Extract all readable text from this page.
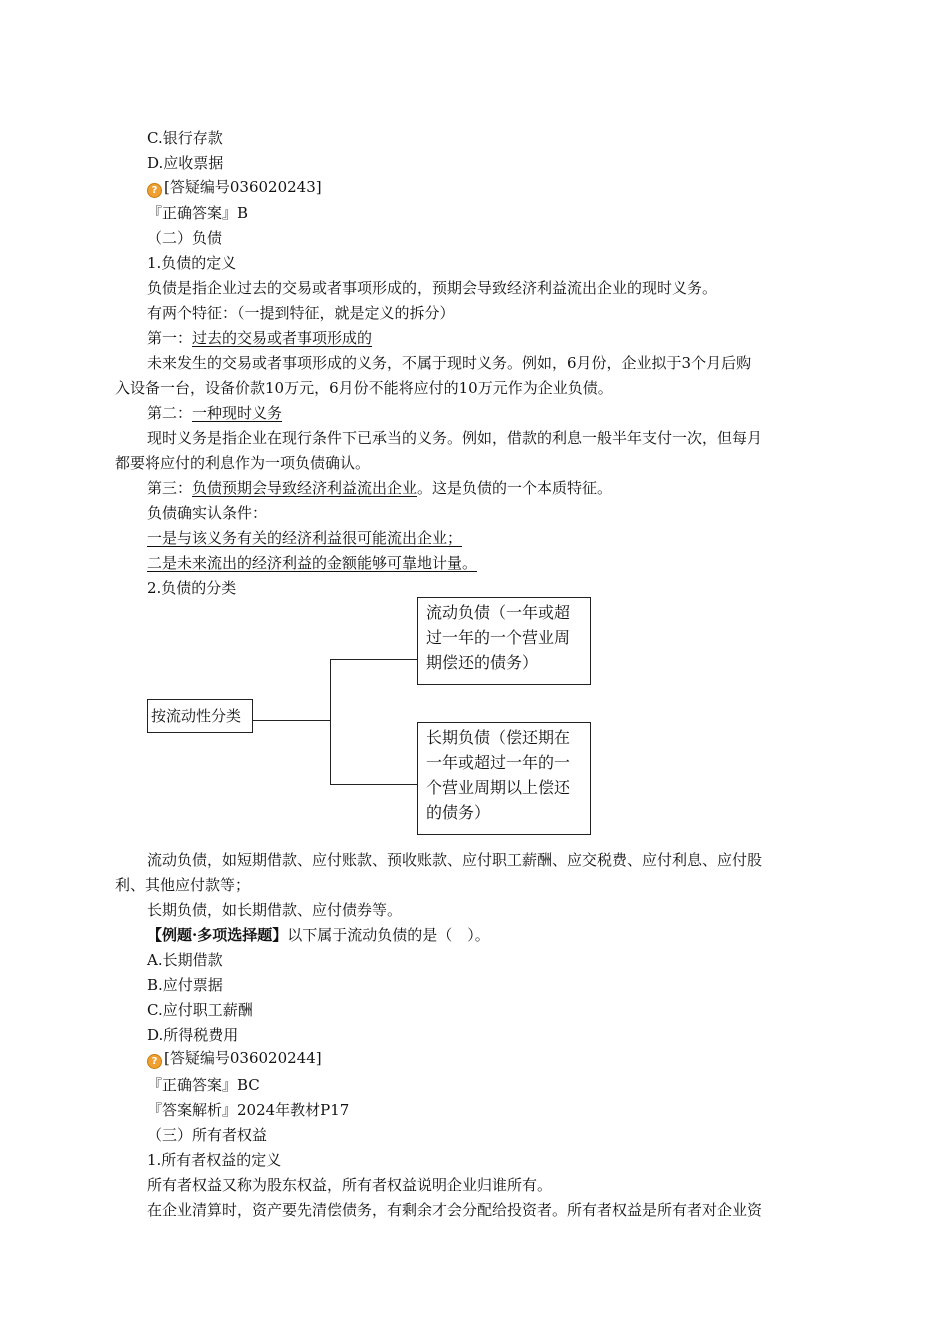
C.银行存款
D.应收票据
? [答疑编号036020243]
『正确答案』B
（二）负债
1.负债的定义
负债是指企业过去的交易或者事项形成的，预期会导致经济利益流出企业的现时义务。
有两个特征：（一提到特征，就是定义的拆分）
第一：过去的交易或者事项形成的
未来发生的交易或者事项形成的义务，不属于现时义务。例如，6月份，企业拟于3个月后购
入设备一台，设备价款10万元，6月份不能将应付的10万元作为企业负债。
第二：一种现时义务
现时义务是指企业在现行条件下已承当的义务。例如，借款的利息一般半年支付一次，但每月
都要将应付的利息作为一项负债确认。
第三：负债预期会导致经济利益流出企业。这是负债的一个本质特征。
负债确实认条件：
一是与该义务有关的经济利益很可能流出企业；
二是未来流出的经济利益的金额能够可靠地计量。
2.负债的分类
按流动性分类
流动负债（一年或超过一年的一个营业周期偿还的债务）
长期负债（偿还期在一年或超过一年的一个营业周期以上偿还的债务）
流动负债，如短期借款、应付账款、预收账款、应付职工薪酬、应交税费、应付利息、应付股
利、其他应付款等；
长期负债，如长期借款、应付债券等。
【例题·多项选择题】以下属于流动负债的是（　）。
A.长期借款
B.应付票据
C.应付职工薪酬
D.所得税费用
? [答疑编号036020244]
『正确答案』BC
『答案解析』2024年教材P17
（三）所有者权益
1.所有者权益的定义
所有者权益又称为股东权益，所有者权益说明企业归谁所有。
在企业清算时，资产要先清偿债务，有剩余才会分配给投资者。所有者权益是所有者对企业资
